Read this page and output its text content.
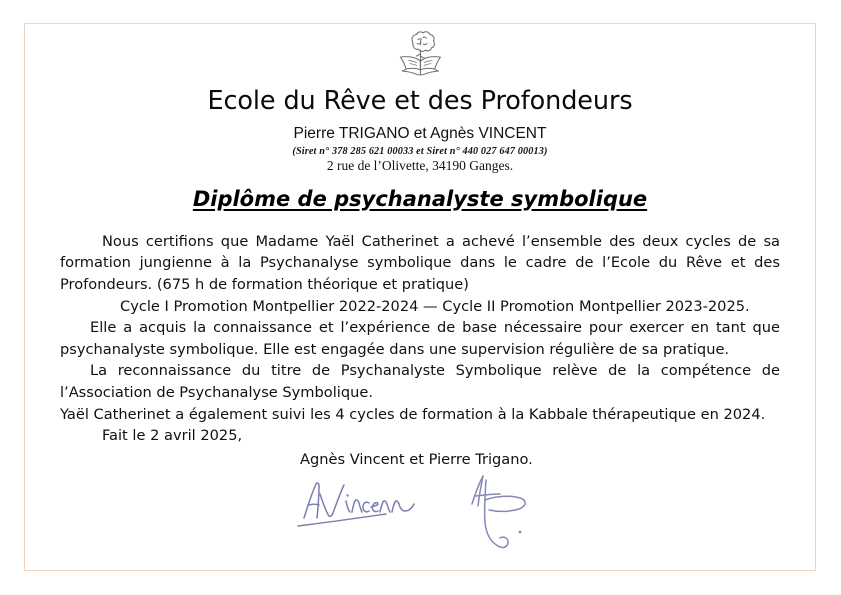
Ecole du Rêve et des Profondeurs
Pierre TRIGANO et Agnès VINCENT
(Siret n° 378 285 621 00033 et Siret n° 440 027 647 00013)
2 rue de l’Olivette, 34190 Ganges.
Diplôme de psychanalyste symbolique

Nous certifions que Madame Yaël Catherinet a achevé l’ensemble des deux cycles de sa formation jungienne à la Psychanalyse symbolique dans le cadre de l’Ecole du Rêve et des Profondeurs. (675 h de formation théorique et pratique)

Cycle I Promotion Montpellier 2022-2024 — Cycle II Promotion Montpellier 2023-2025.

Elle a acquis la connaissance et l’expérience de base nécessaire pour exercer en tant que psychanalyste symbolique. Elle est engagée dans une supervision régulière de sa pratique.

La reconnaissance du titre de Psychanalyste Symbolique relève de la compétence de l’Association de Psychanalyse Symbolique.

Yaël Catherinet a également suivi les 4 cycles de formation à la Kabbale thérapeutique en 2024.

Fait le 2 avril 2025,

Agnès Vincent et Pierre Trigano.
